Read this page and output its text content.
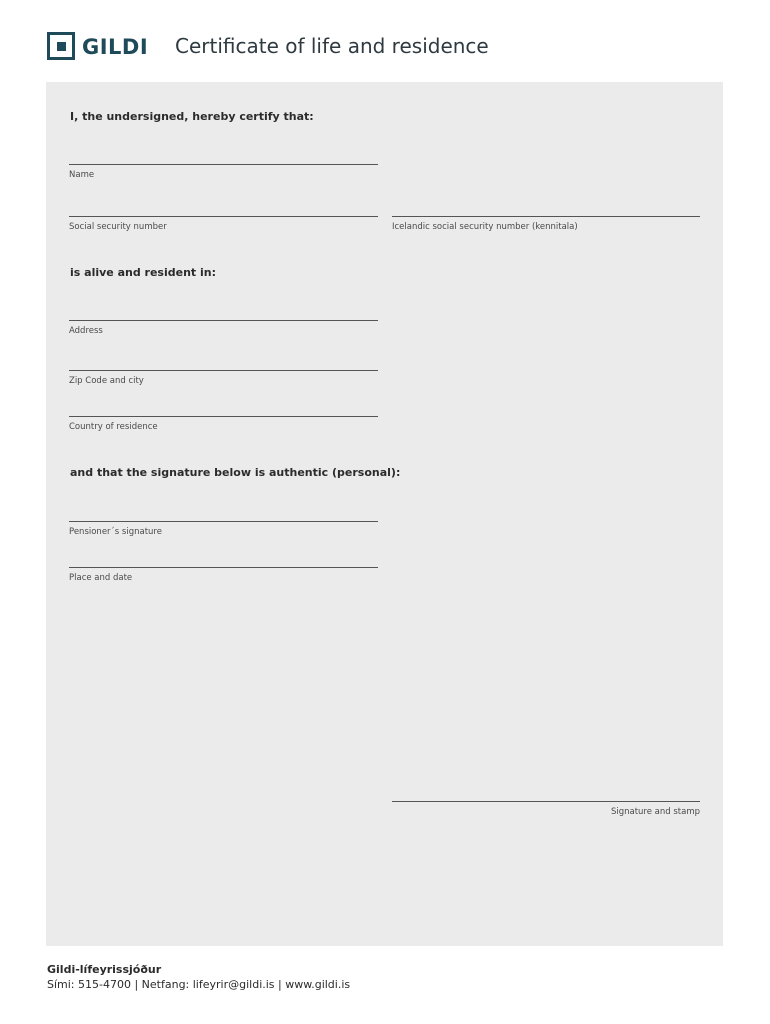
GILDI Certificate of life and residence
I, the undersigned, hereby certify that:
Name
Social security number	Icelandic social security number (kennitala)
is alive and resident in:
Address
Zip Code and city
Country of residence
and that the signature below is authentic (personal):
Pensioner´s signature
Place and date
Signature and stamp
Gildi-lífeyrissjóður
Sími: 515-4700 | Netfang: lifeyrir@gildi.is | www.gildi.is
